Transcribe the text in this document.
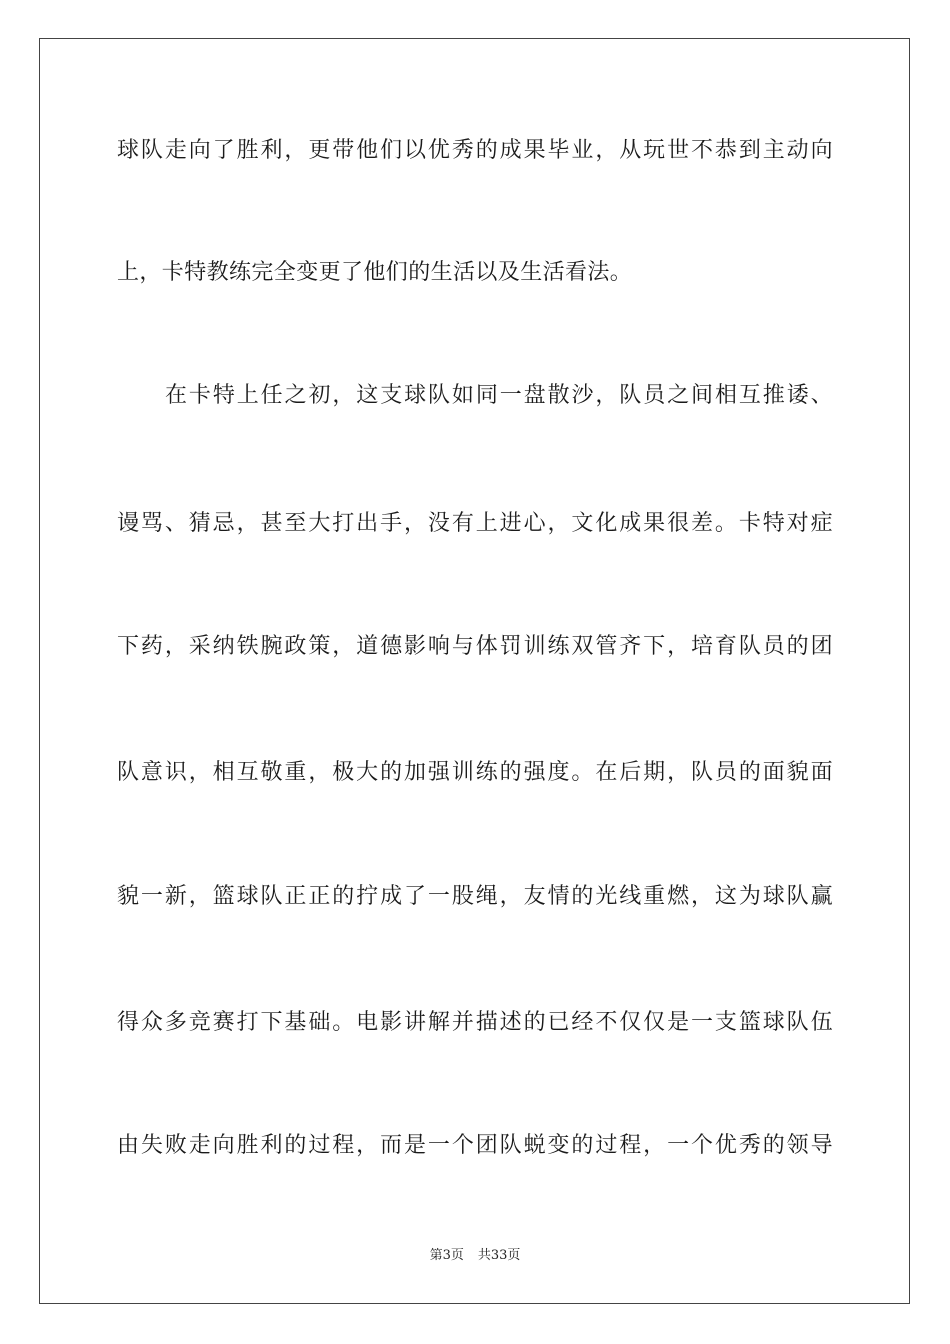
球队走向了胜利，更带他们以优秀的成果毕业，从玩世不恭到主动向
上，卡特教练完全变更了他们的生活以及生活看法。
在卡特上任之初，这支球队如同一盘散沙，队员之间相互推诿、
谩骂、猜忌，甚至大打出手，没有上进心，文化成果很差。卡特对症
下药，采纳铁腕政策，道德影响与体罚训练双管齐下，培育队员的团
队意识，相互敬重，极大的加强训练的强度。在后期，队员的面貌面
貌一新，篮球队正正的拧成了一股绳，友情的光线重燃，这为球队赢
得众多竞赛打下基础。电影讲解并描述的已经不仅仅是一支篮球队伍
由失败走向胜利的过程，而是一个团队蜕变的过程，一个优秀的领导
第3页 共33页
